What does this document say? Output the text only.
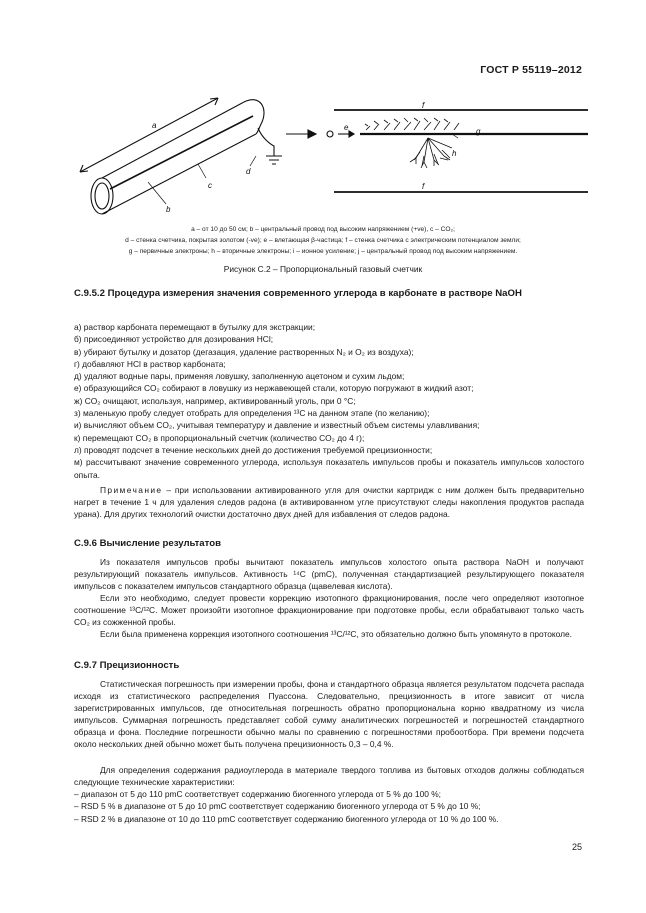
ГОСТ Р 55119–2012
a
b
c
d
e
f
g
h
f
a – от 10 до 50 см; b – центральный провод под высоким напряжением (+ve), c – CO₂;
d – стенка счетчика, покрытая золотом (-ve); e – влетающая β-частица; f – стенка счетчика с электрическим потенциалом земли;
g – первичные электроны; h – вторичные электроны; i – ионное усиление; j – центральный провод под высоким напряжением.
Рисунок С.2 – Пропорциональный газовый счетчик
С.9.5.2 Процедура измерения значения современного углерода в карбонате в растворе NaOH
а) раствор карбоната перемещают в бутылку для экстракции;
б) присоединяют устройство для дозирования HCl;
в) убирают бутылку и дозатор (дегазация, удаление растворенных N₂ и O₂ из воздуха);
г) добавляют HCl в раствор карбоната;
д) удаляют водные пары, применяя ловушку, заполненную ацетоном и сухим льдом;
е) образующийся CO₂ собирают в ловушку из нержавеющей стали, которую погружают в жидкий азот;
ж) CO₂ очищают, используя, например, активированный уголь, при 0 °С;
з) маленькую пробу следует отобрать для определения ¹³С на данном этапе (по желанию);
и) вычисляют объем CO₂, учитывая температуру и давление и известный объем системы улавливания;
к) перемещают CO₂ в пропорциональный счетчик (количество CO₂ до 4 г);
л) проводят подсчет в течение нескольких дней до достижения требуемой прецизионности;
м) рассчитывают значение современного углерода, используя показатель импульсов пробы и показатель импульсов холостого опыта.
Примечание – при использовании активированного угля для очистки картридж с ним должен быть предварительно нагрет в течение 1 ч для удаления следов радона (в активированном угле присутствуют следы накопления продуктов распада урана). Для других технологий очистки достаточно двух дней для избавления от следов радона.
С.9.6 Вычисление результатов
Из показателя импульсов пробы вычитают показатель импульсов холостого опыта раствора NaOH и получают результирующий показатель импульсов. Активность ¹⁴C (pmC), полученная стандартизацией результирующего показателя импульсов с показателем импульсов стандартного образца (щавелевая кислота).
Если это необходимо, следует провести коррекцию изотопного фракционирования, после чего определяют изотопное соотношение ¹³C/¹²C. Может произойти изотопное фракционирование при подготовке пробы, если обрабатывают только часть CO₂ из сожженной пробы.
Если была применена коррекция изотопного соотношения ¹³C/¹²C, это обязательно должно быть упомянуто в протоколе.
С.9.7 Прецизионность
Статистическая погрешность при измерении пробы, фона и стандартного образца является результатом подсчета распада исходя из статистического распределения Пуассона. Следовательно, прецизионность в итоге зависит от числа зарегистрированных импульсов, где относительная погрешность обратно пропорциональна корню квадратному из числа импульсов. Суммарная погрешность представляет собой сумму аналитических погрешностей и погрешностей стандартного образца и фона. Последние погрешности обычно малы по сравнению с погрешностями пробоотбора. При времени подсчета около нескольких дней обычно может быть получена прецизионность 0,3 – 0,4 %.
Для определения содержания радиоуглерода в материале твердого топлива из бытовых отходов должны соблюдаться следующие технические характеристики:
– диапазон от 5 до 110 pmC соответствует содержанию биогенного углерода от 5 % до 100 %;
– RSD 5 % в диапазоне от 5 до 10 pmC соответствует содержанию биогенного углерода от 5 % до 10 %;
– RSD 2 % в диапазоне от 10 до 110 pmC соответствует содержанию биогенного углерода от 10 % до 100 %.
25
